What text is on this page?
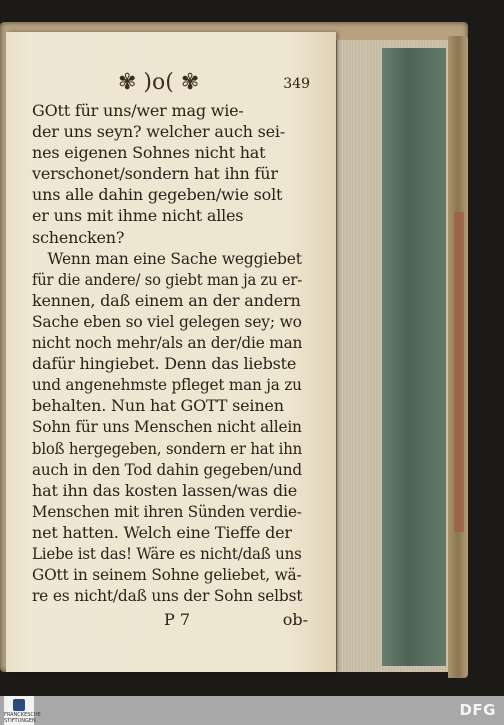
✾ )o( ✾	349
GOtt für uns/wer mag wie-
der uns seyn? welcher auch sei-
nes eigenen Sohnes nicht hat
verschonet/sondern hat ihn für
uns alle dahin gegeben/wie solt
er uns mit ihme nicht alles
schencken?
Wenn man eine Sache weggiebet
für die andere/ so giebt man ja zu er-
kennen, daß einem an der andern
Sache eben so viel gelegen sey; wo
nicht noch mehr/als an der/die man
dafür hingiebet. Denn das liebste
und angenehmste pfleget man ja zu
behalten. Nun hat GOTT seinen
Sohn für uns Menschen nicht allein
bloß hergegeben, sondern er hat ihn
auch in den Tod dahin gegeben/und
hat ihn das kosten lassen/was die
Menschen mit ihren Sünden verdie-
net hatten. Welch eine Tieffe der
Liebe ist das! Wäre es nicht/daß uns
GOtt in seinem Sohne geliebet, wä-
re es nicht/daß uns der Sohn selbst
P 7	ob-
FRANCKESCHE STIFTUNGEN
DFG
